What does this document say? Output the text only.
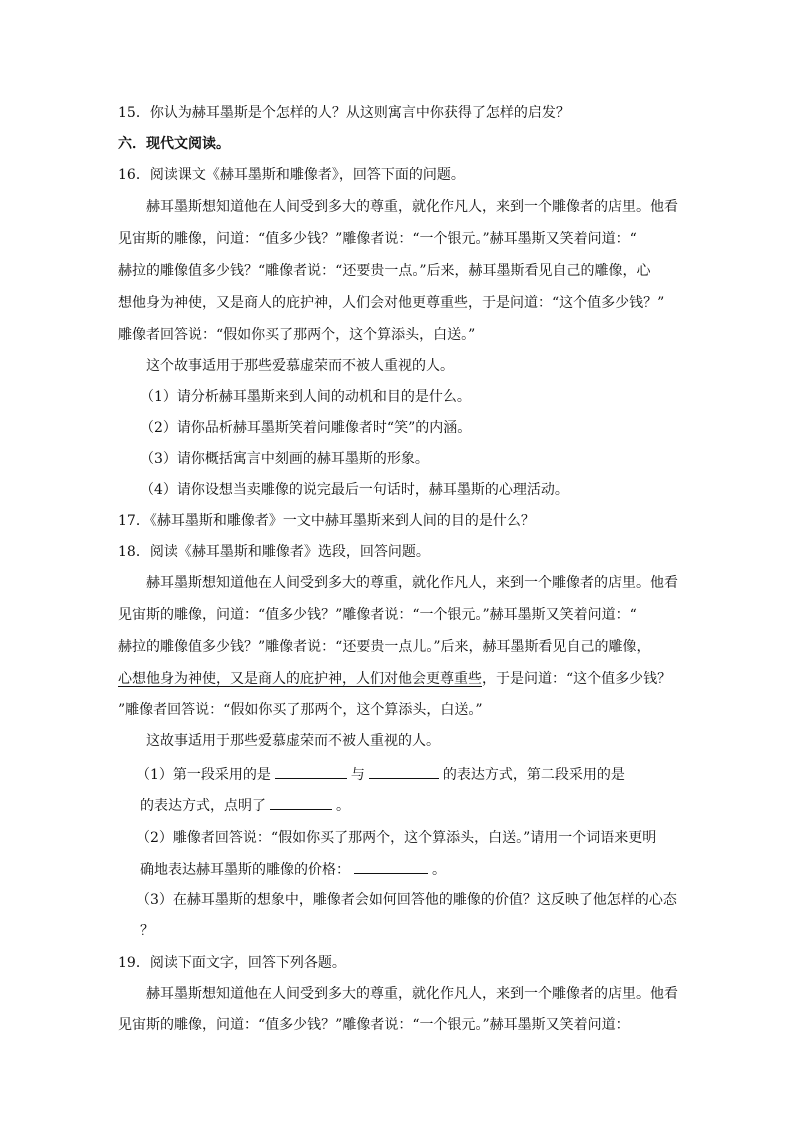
15．你认为赫耳墨斯是个怎样的人？从这则寓言中你获得了怎样的启发？
六．现代文阅读。
16．阅读课文《赫耳墨斯和雕像者》，回答下面的问题。
赫耳墨斯想知道他在人间受到多大的尊重，就化作凡人，来到一个雕像者的店里。他看
见宙斯的雕像，问道：“值多少钱？”雕像者说：“一个银元。”赫耳墨斯又笑着问道：“
赫拉的雕像值多少钱？“雕像者说：“还要贵一点。”后来，赫耳墨斯看见自己的雕像，心
想他身为神使，又是商人的庇护神，人们会对他更尊重些，于是问道：“这个值多少钱？”
雕像者回答说：“假如你买了那两个，这个算添头，白送。”
这个故事适用于那些爱慕虚荣而不被人重视的人。
（1）请分析赫耳墨斯来到人间的动机和目的是什么。
（2）请你品析赫耳墨斯笑着问雕像者时“笑”的内涵。
（3）请你概括寓言中刻画的赫耳墨斯的形象。
（4）请你设想当卖雕像的说完最后一句话时，赫耳墨斯的心理活动。
17．《赫耳墨斯和雕像者》一文中赫耳墨斯来到人间的目的是什么？
18．阅读《赫耳墨斯和雕像者》选段，回答问题。
赫耳墨斯想知道他在人间受到多大的尊重，就化作凡人，来到一个雕像者的店里。他看
见宙斯的雕像，问道：“值多少钱？”雕像者说：“一个银元。”赫耳墨斯又笑着问道：“
赫拉的雕像值多少钱？”雕像者说：“还要贵一点儿。”后来，赫耳墨斯看见自己的雕像，
心想他身为神使，又是商人的庇护神，人们对他会更尊重些，于是问道：“这个值多少钱？
”雕像者回答说：“假如你买了那两个，这个算添头，白送。”
这故事适用于那些爱慕虚荣而不被人重视的人。
（1）第一段采用的是	与	的表达方式，第二段采用的是
的表达方式，点明了	。
（2）雕像者回答说：“假如你买了那两个，这个算添头，白送。”请用一个词语来更明
确地表达赫耳墨斯的雕像的价格：	。
（3）在赫耳墨斯的想象中，雕像者会如何回答他的雕像的价值？这反映了他怎样的心态
？
19．阅读下面文字，回答下列各题。
赫耳墨斯想知道他在人间受到多大的尊重，就化作凡人，来到一个雕像者的店里。他看
见宙斯的雕像，问道：“值多少钱？”雕像者说：“一个银元。”赫耳墨斯又笑着问道：
